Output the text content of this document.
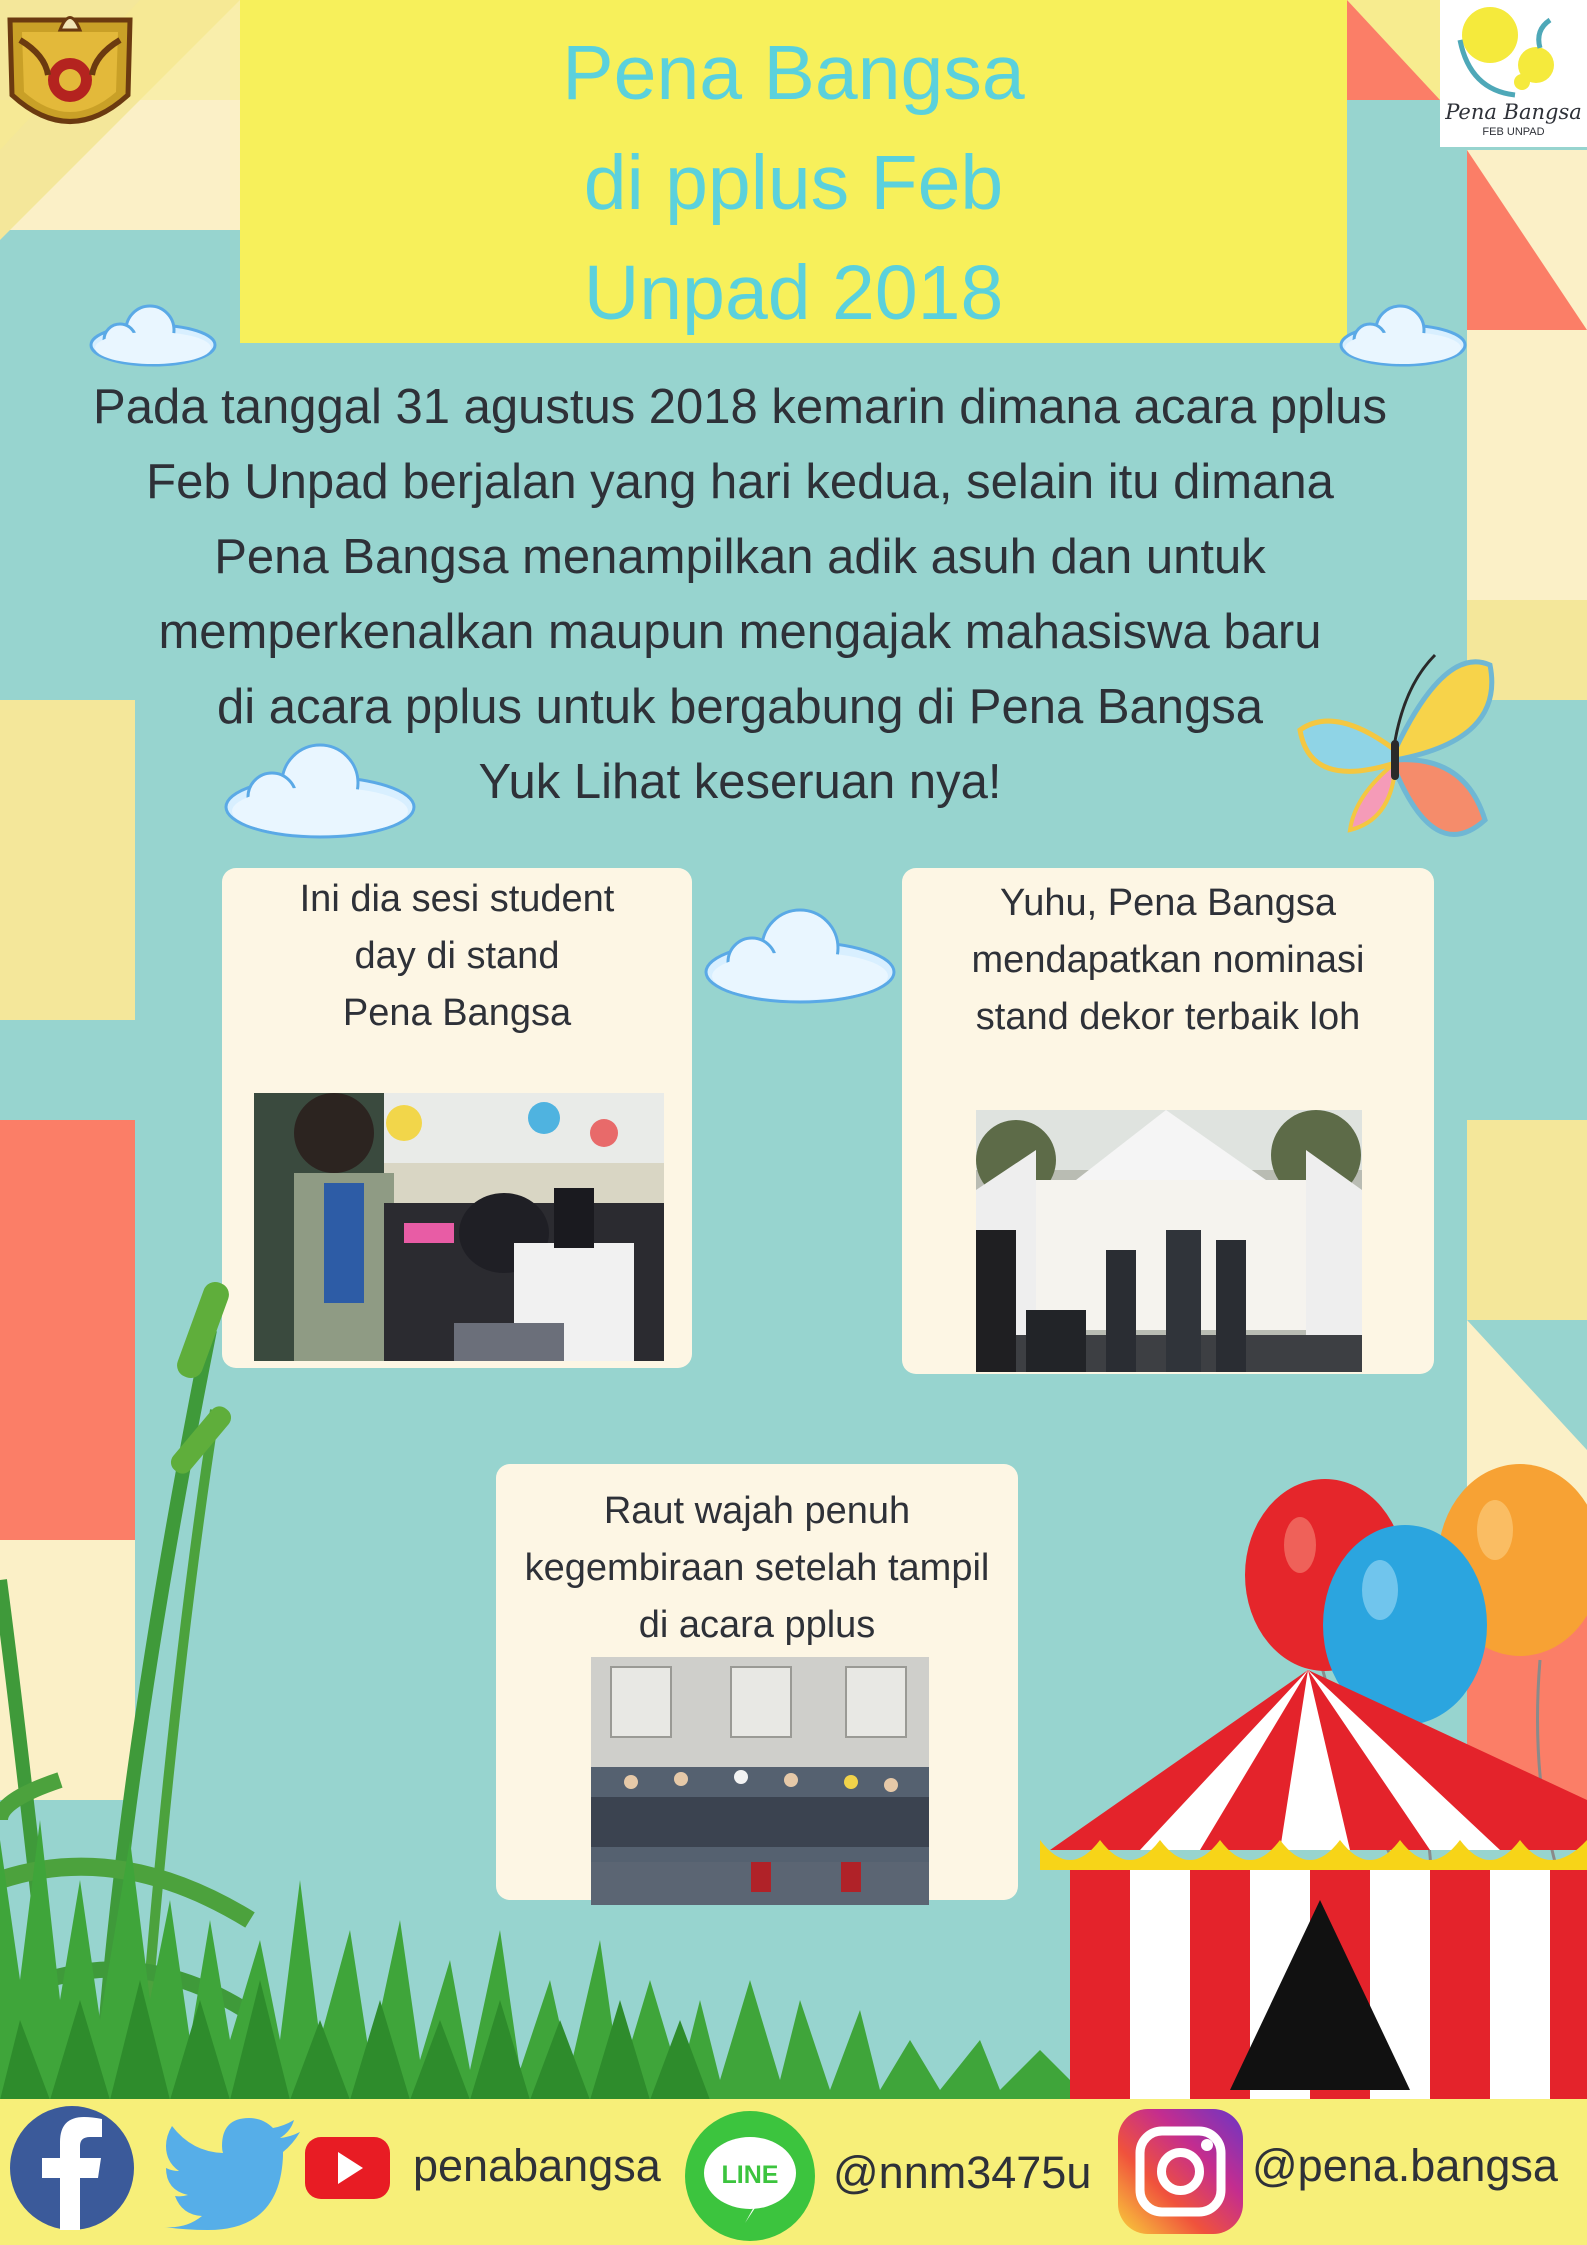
Pena Bangsa
di pplus Feb
Unpad 2018
Pena Bangsa
FEB UNPAD
Pada tanggal 31 agustus 2018 kemarin dimana acara pplus
Feb Unpad berjalan yang hari kedua, selain itu dimana
Pena Bangsa menampilkan adik asuh dan untuk
memperkenalkan maupun mengajak mahasiswa baru
di acara pplus untuk bergabung di Pena Bangsa
Yuk Lihat keseruan nya!
Ini dia sesi student
day di stand
Pena Bangsa
Yuhu, Pena Bangsa
mendapatkan nominasi
stand dekor terbaik loh
Raut wajah penuh
kegembiraan setelah tampil
di acara pplus
penabangsa LINE @nnm3475u	@pena.bangsa
